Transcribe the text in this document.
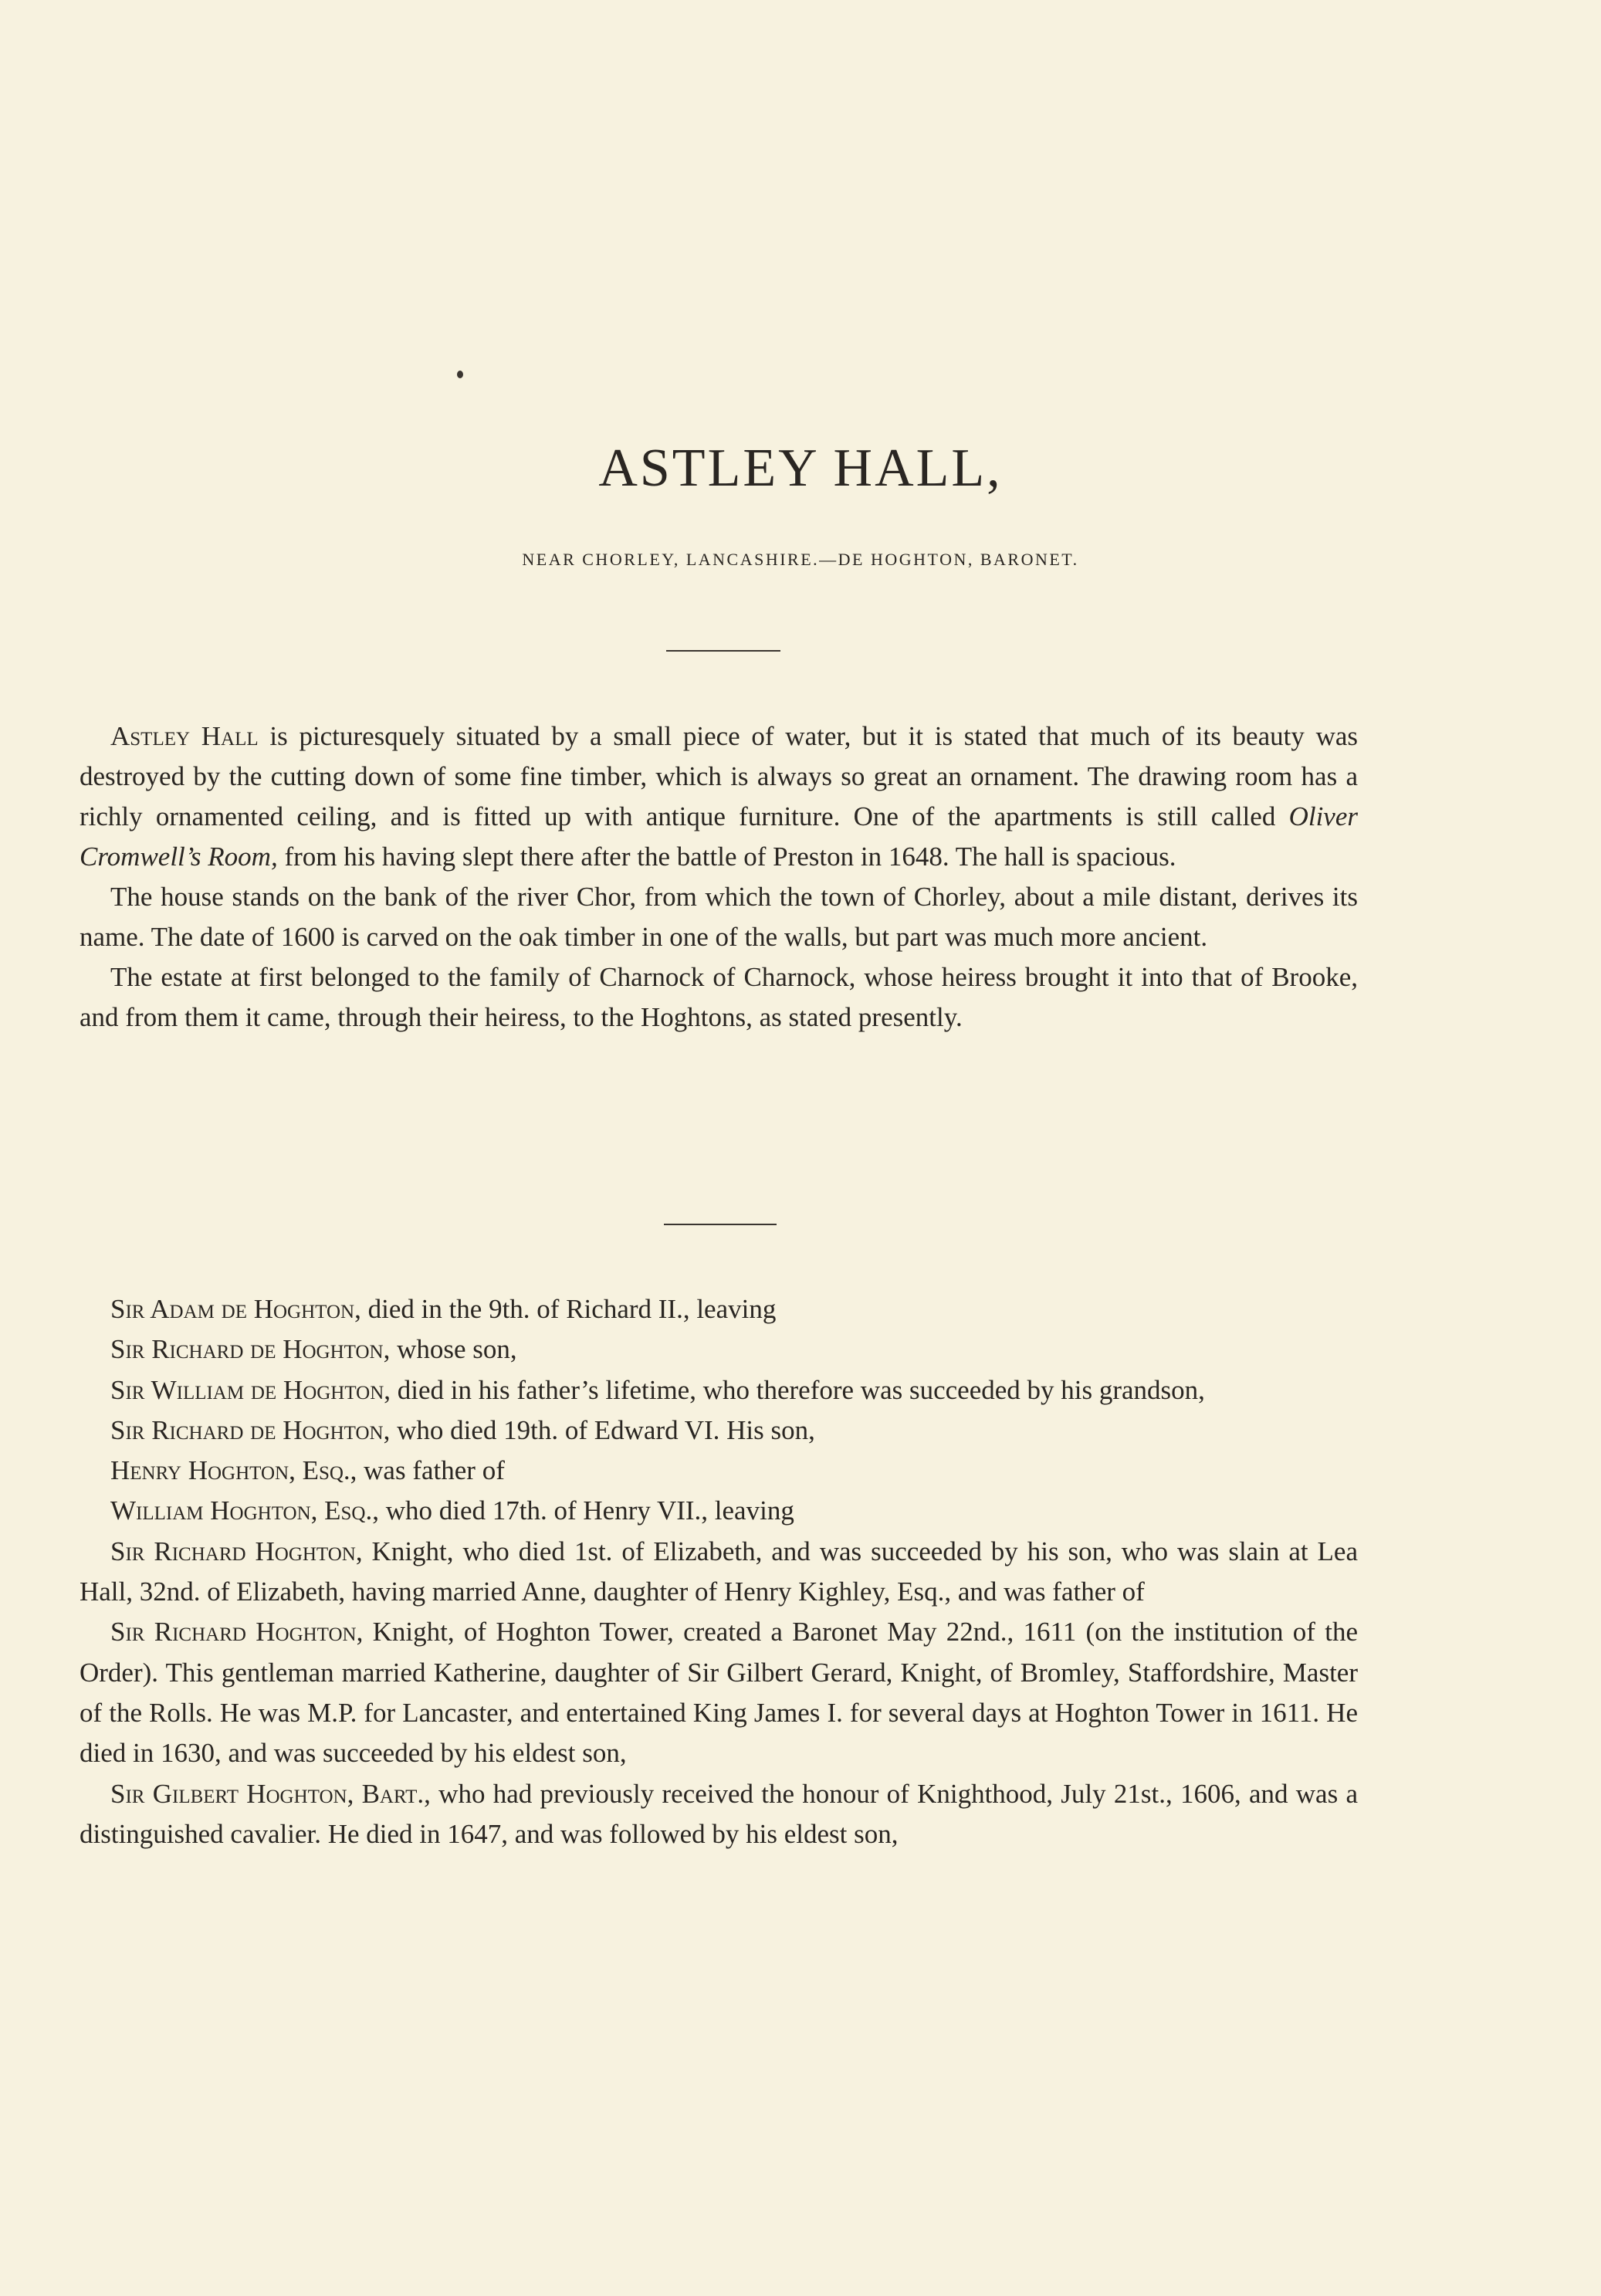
ASTLEY HALL,
NEAR CHORLEY, LANCASHIRE.—DE HOGHTON, BARONET.

Astley Hall is picturesquely situated by a small piece of water, but it is stated that much of its beauty was destroyed by the cutting down of some fine timber, which is always so great an ornament. The drawing room has a richly ornamented ceiling, and is fitted up with antique furniture. One of the apartments is still called Oliver Cromwell’s Room, from his having slept there after the battle of Preston in 1648. The hall is spacious.

The house stands on the bank of the river Chor, from which the town of Chorley, about a mile distant, derives its name. The date of 1600 is carved on the oak timber in one of the walls, but part was much more ancient.

The estate at first belonged to the family of Charnock of Charnock, whose heiress brought it into that of Brooke, and from them it came, through their heiress, to the Hoghtons, as stated presently.

Sir Adam de Hoghton, died in the 9th. of Richard II., leaving

Sir Richard de Hoghton, whose son,

Sir William de Hoghton, died in his father’s lifetime, who therefore was succeeded by his grandson,

Sir Richard de Hoghton, who died 19th. of Edward VI. His son,

Henry Hoghton, Esq., was father of

William Hoghton, Esq., who died 17th. of Henry VII., leaving

Sir Richard Hoghton, Knight, who died 1st. of Elizabeth, and was succeeded by his son, who was slain at Lea Hall, 32nd. of Elizabeth, having married Anne, daughter of Henry Kighley, Esq., and was father of

Sir Richard Hoghton, Knight, of Hoghton Tower, created a Baronet May 22nd., 1611 (on the institution of the Order). This gentleman married Katherine, daughter of Sir Gilbert Gerard, Knight, of Bromley, Staffordshire, Master of the Rolls. He was M.P. for Lancaster, and entertained King James I. for several days at Hoghton Tower in 1611. He died in 1630, and was succeeded by his eldest son,

Sir Gilbert Hoghton, Bart., who had previously received the honour of Knighthood, July 21st., 1606, and was a distinguished cavalier. He died in 1647, and was followed by his eldest son,
